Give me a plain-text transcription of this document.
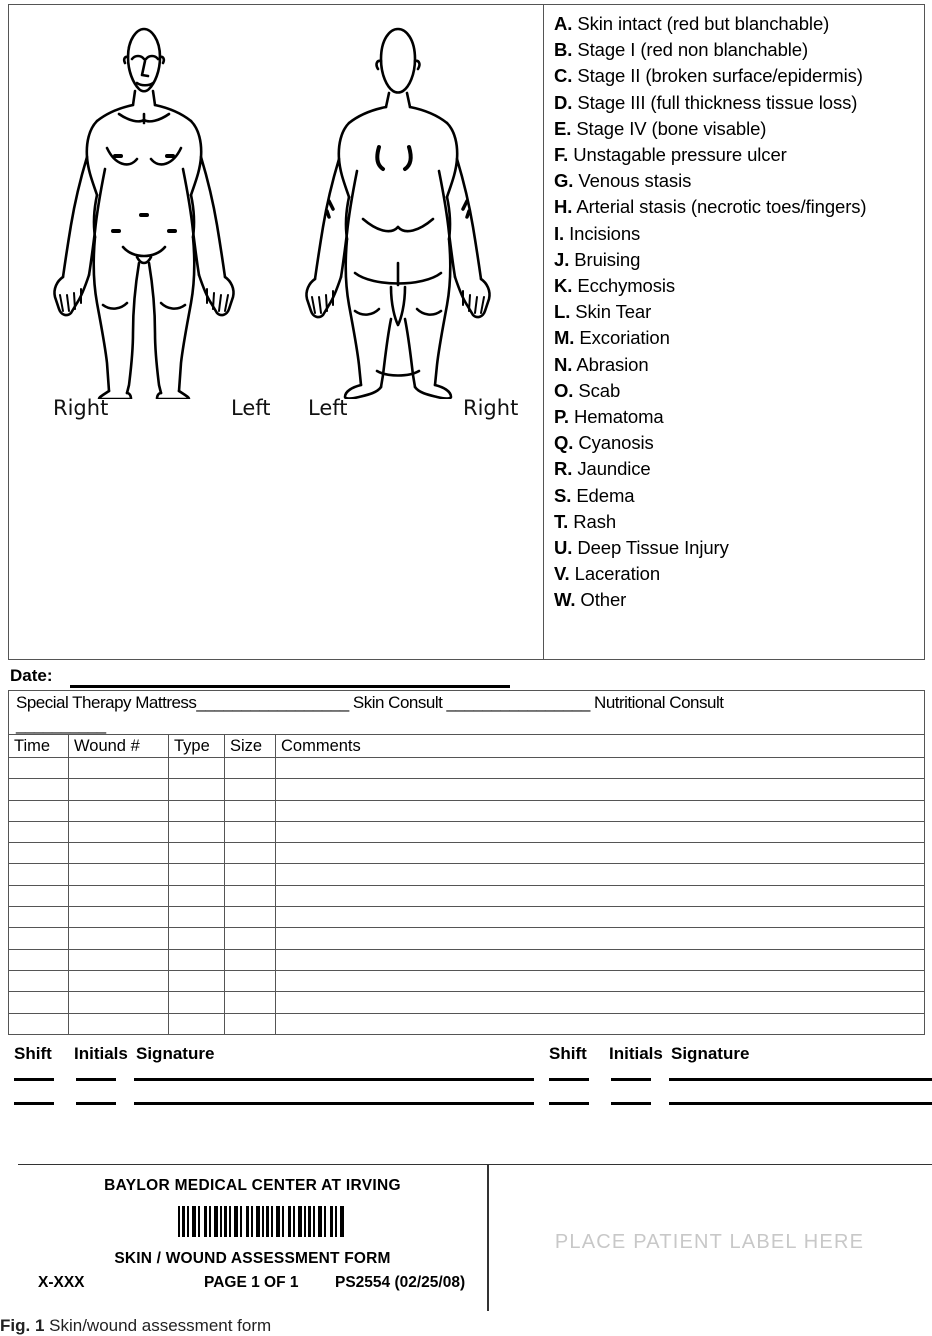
Right	Left Left	Right
A. Skin intact (red but blanchable)
B. Stage I (red non blanchable)
C. Stage II (broken surface/epidermis)
D. Stage III (full thickness tissue loss)
E. Stage IV (bone visable)
F. Unstagable pressure ulcer
G. Venous stasis
H. Arterial stasis (necrotic toes/fingers)
I. Incisions
J. Bruising
K. Ecchymosis
L. Skin Tear
M. Excoriation
N. Abrasion
O. Scab
P. Hematoma
Q. Cyanosis
R. Jaundice
S. Edema
T. Rash
U. Deep Tissue Injury
V. Laceration
W. Other
Date:
Special Therapy Mattress_________________ Skin Consult ________________ Nutritional Consult
__________
Time	Wound #	Type	Size	Comments

Shift Initials Signature	Shift Initials Signature
BAYLOR MEDICAL CENTER AT IRVING
SKIN / WOUND ASSESSMENT FORM
X-XXX	PAGE 1 OF 1 PS2554 (02/25/08)
PLACE PATIENT LABEL HERE
Fig. 1 Skin/wound assessment form
